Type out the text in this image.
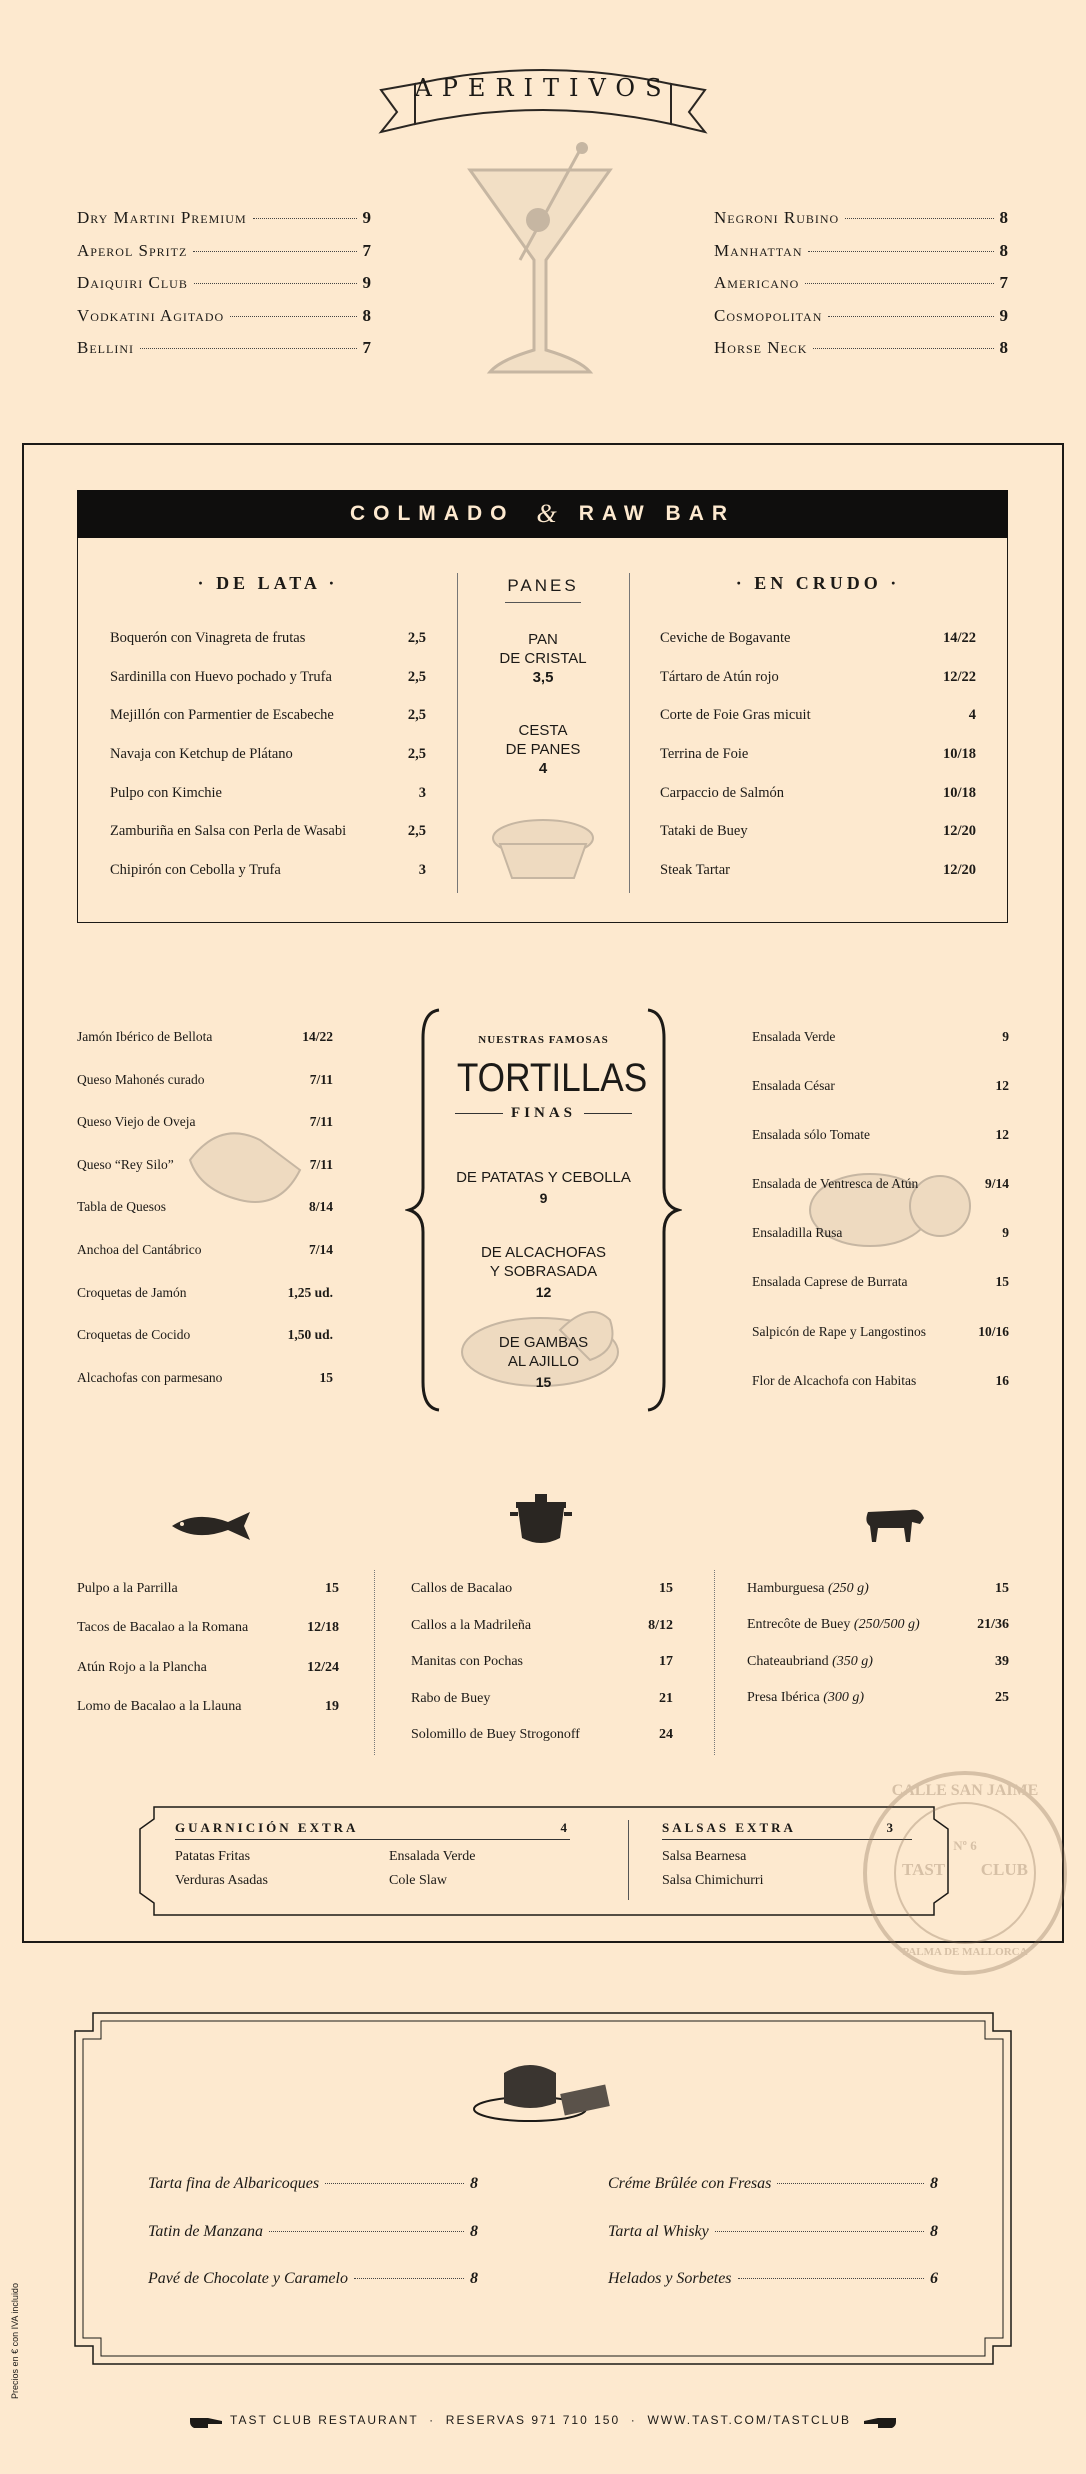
APERITIVOS
Dry Martini Premium	9
Aperol Spritz	7
Daiquiri Club	9
Vodkatini Agitado	8
Bellini	7
Negroni Rubino	8
Manhattan	8
Americano	7
Cosmopolitan	9
Horse Neck	8
COLMADO & RAW BAR
· DE LATA ·
Boquerón con Vinagreta de frutas	2,5
Sardinilla con Huevo pochado y Trufa	2,5
Mejillón con Parmentier de Escabeche	2,5
Navaja con Ketchup de Plátano	2,5
Pulpo con Kimchie	3
Zamburiña en Salsa con Perla de Wasabi	2,5
Chipirón con Cebolla y Trufa	3
PANES
PAN
DE CRISTAL
3,5
CESTA
DE PANES
4
· EN CRUDO ·
Ceviche de Bogavante	14/22
Tártaro de Atún rojo	12/22
Corte de Foie Gras micuit	4
Terrina de Foie	10/18
Carpaccio de Salmón	10/18
Tataki de Buey	12/20
Steak Tartar	12/20
Jamón Ibérico de Bellota	14/22
Queso Mahonés curado	7/11
Queso Viejo de Oveja	7/11
Queso “Rey Silo”	7/11
Tabla de Quesos	8/14
Anchoa del Cantábrico	7/14
Croquetas de Jamón	1,25 ud.
Croquetas de Cocido	1,50 ud.
Alcachofas con parmesano	15
NUESTRAS FAMOSAS
TORTILLAS
FINAS
DE PATATAS Y CEBOLLA
9
DE ALCACHOFAS
Y SOBRASADA
12
DE GAMBAS
AL AJILLO
15
Ensalada Verde	9
Ensalada César	12
Ensalada sólo Tomate	12
Ensalada de Ventresca de Atún	9/14
Ensaladilla Rusa	9
Ensalada Caprese de Burrata	15
Salpicón de Rape y Langostinos	10/16
Flor de Alcachofa con Habitas	16
Pulpo a la Parrilla	15
Tacos de Bacalao a la Romana	12/18
Atún Rojo a la Plancha	12/24
Lomo de Bacalao a la Llauna	19
Callos de Bacalao	15
Callos a la Madrileña	8/12
Manitas con Pochas	17
Rabo de Buey	21
Solomillo de Buey Strogonoff	24
Hamburguesa (250 g)	15
Entrecôte de Buey (250/500 g)	21/36
Chateaubriand (350 g)	39
Presa Ibérica (300 g)	25
GUARNICIÓN EXTRA	4
Patatas Fritas	Ensalada Verde
Verduras Asadas	Cole Slaw
SALSAS EXTRA	3
Salsa Bearnesa
Salsa Chimichurri
CALLE SAN JAIME
Nº 6
TAST CLUB
PALMA DE MALLORCA
Tarta fina de Albaricoques	8
Tatin de Manzana	8
Pavé de Chocolate y Caramelo	8
Créme Brûlée con Fresas	8
Tarta al Whisky	8
Helados y Sorbetes	6
Precios en € con IVA incluido
TAST CLUB RESTAURANT  ·  RESERVAS 971 710 150  ·  WWW.TAST.COM/TASTCLUB
